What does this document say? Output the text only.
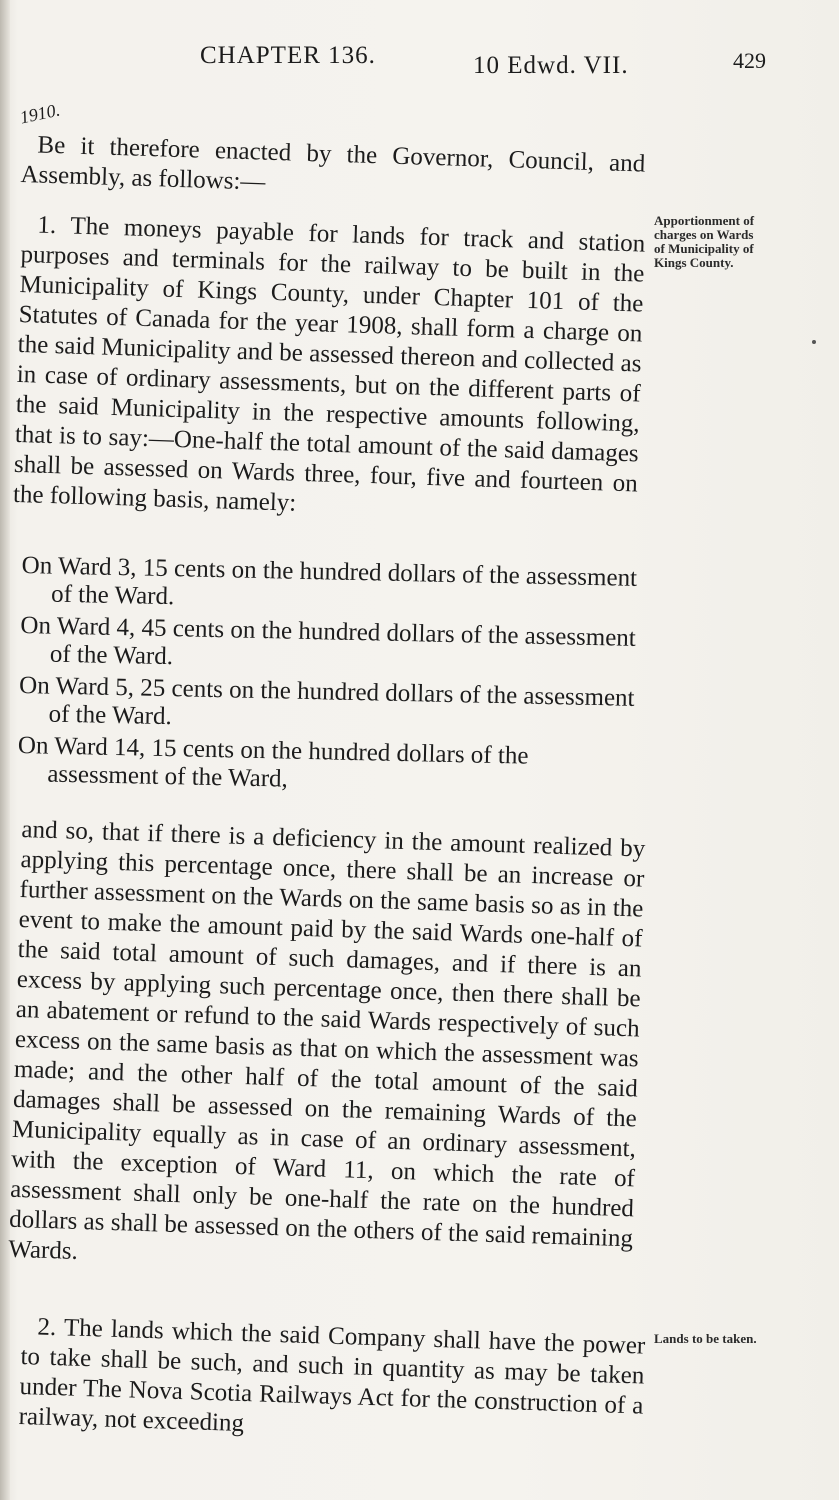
CHAPTER 136.	10 Edwd. VII.	429
1910.

Be it therefore enacted by the Governor, Council, and Assembly, as follows:—

1. The moneys payable for lands for track and station purposes and terminals for the railway to be built in the Municipality of Kings County, under Chapter 101 of the Statutes of Canada for the year 1908, shall form a charge on the said Municipality and be assessed thereon and collected as in case of ordinary assessments, but on the different parts of the said Municipality in the respective amounts following, that is to say:—One-half the total amount of the said damages shall be assessed on Wards three, four, five and fourteen on the following basis, namely:

Apportionment of charges on Wards of Municipality of Kings County.
On Ward 3, 15 cents on the hundred dollars of the assessment of the Ward.
On Ward 4, 45 cents on the hundred dollars of the assessment of the Ward.
On Ward 5, 25 cents on the hundred dollars of the assessment of the Ward.
On Ward 14, 15 cents on the hundred dollars of the assessment of the Ward,

and so, that if there is a deficiency in the amount realized by applying this percentage once, there shall be an increase or further assessment on the Wards on the same basis so as in the event to make the amount paid by the said Wards one-half of the said total amount of such damages, and if there is an excess by applying such percentage once, then there shall be an abatement or refund to the said Wards respectively of such excess on the same basis as that on which the assessment was made; and the other half of the total amount of the said damages shall be assessed on the remaining Wards of the Municipality equally as in case of an ordinary assessment, with the exception of Ward 11, on which the rate of assessment shall only be one-half the rate on the hundred dollars as shall be assessed on the others of the said remaining Wards.

2. The lands which the said Company shall have the power to take shall be such, and such in quantity as may be taken under The Nova Scotia Railways Act for the construction of a railway, not exceeding

Lands to be taken.
